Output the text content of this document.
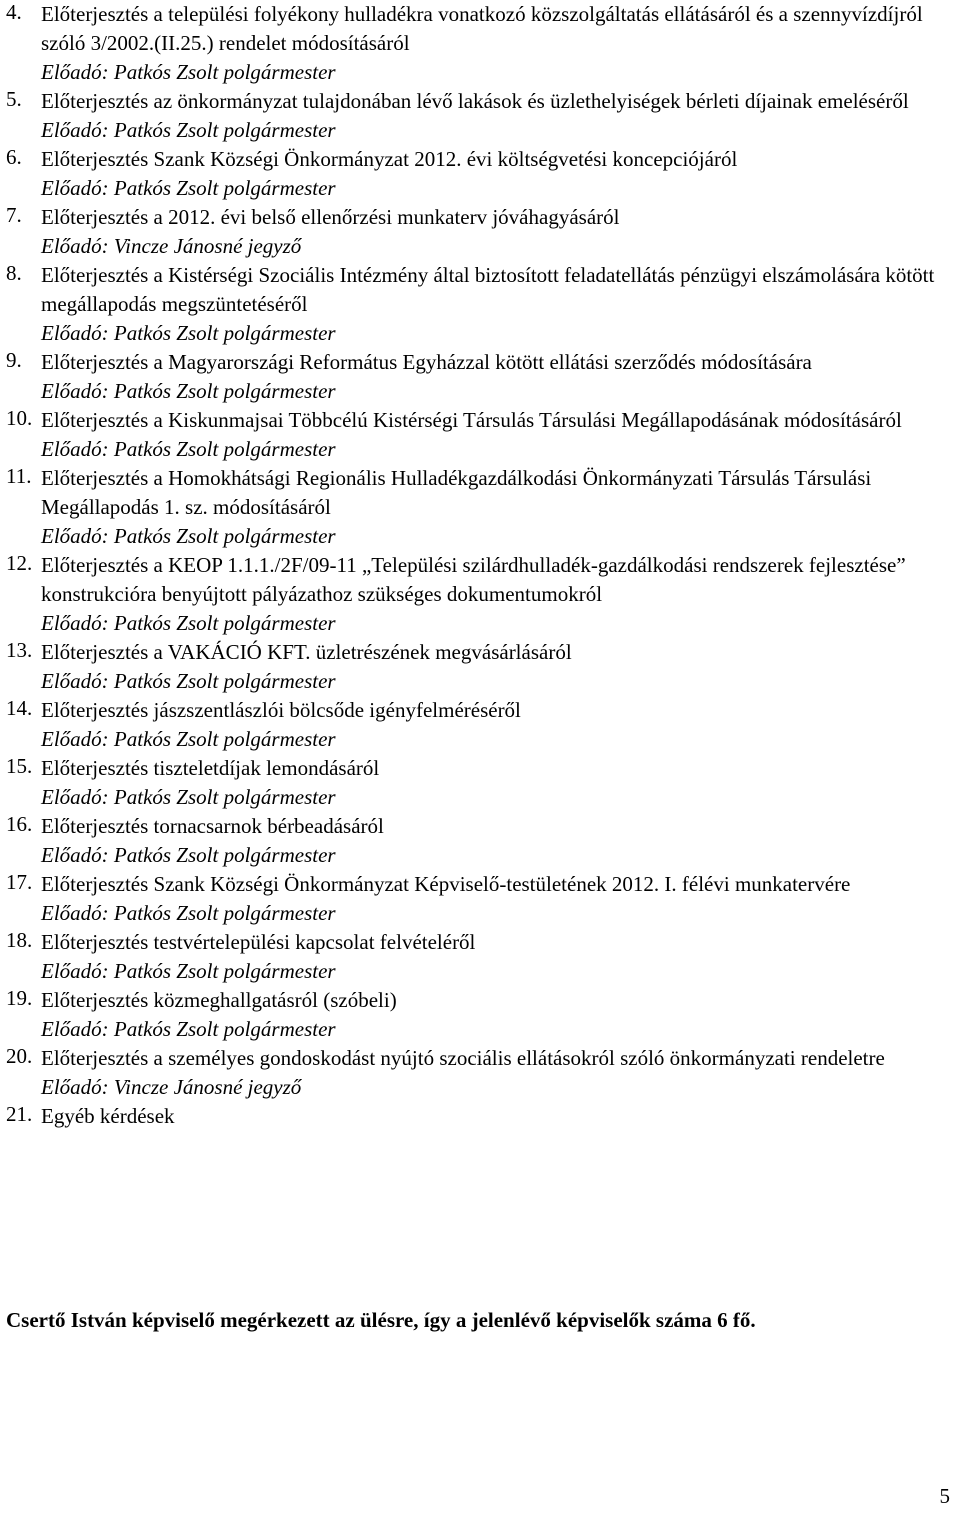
4. Előterjesztés a települési folyékony hulladékra vonatkozó közszolgáltatás ellátásáról és a szennyvízdíjról szóló 3/2002.(II.25.) rendelet módosításáról
Előadó: Patkós Zsolt polgármester
5. Előterjesztés az önkormányzat tulajdonában lévő lakások és üzlethelyiségek bérleti díjainak emeléséről
Előadó: Patkós Zsolt polgármester
6. Előterjesztés Szank Községi Önkormányzat 2012. évi költségvetési koncepciójáról
Előadó: Patkós Zsolt polgármester
7. Előterjesztés a 2012. évi belső ellenőrzési munkaterv jóváhagyásáról
Előadó: Vincze Jánosné jegyző
8. Előterjesztés a Kistérségi Szociális Intézmény által biztosított feladatellátás pénzügyi elszámolására kötött megállapodás megszüntetéséről
Előadó: Patkós Zsolt polgármester
9. Előterjesztés a Magyarországi Református Egyházzal kötött ellátási szerződés módosítására
Előadó: Patkós Zsolt polgármester
10. Előterjesztés a Kiskunmajsai Többcélú Kistérségi Társulás Társulási Megállapodásának módosításáról
Előadó: Patkós Zsolt polgármester
11. Előterjesztés a Homokhátsági Regionális Hulladékgazdálkodási Önkormányzati Társulás Társulási Megállapodás 1. sz. módosításáról
Előadó: Patkós Zsolt polgármester
12. Előterjesztés a KEOP 1.1.1./2F/09-11 „Települési szilárdhulladék-gazdálkodási rendszerek fejlesztése” konstrukcióra benyújtott pályázathoz szükséges dokumentumokról
Előadó: Patkós Zsolt polgármester
13. Előterjesztés a VAKÁCIÓ KFT. üzletrészének megvásárlásáról
Előadó: Patkós Zsolt polgármester
14. Előterjesztés jászszentlászlói bölcsőde igényfelméréséről
Előadó: Patkós Zsolt polgármester
15. Előterjesztés tiszteletdíjak lemondásáról
Előadó: Patkós Zsolt polgármester
16. Előterjesztés tornacsarnok bérbeadásáról
Előadó: Patkós Zsolt polgármester
17. Előterjesztés Szank Községi Önkormányzat Képviselő-testületének 2012. I. félévi munkatervére
Előadó: Patkós Zsolt polgármester
18. Előterjesztés testvértelepülési kapcsolat felvételéről
Előadó: Patkós Zsolt polgármester
19. Előterjesztés közmeghallgatásról (szóbeli)
Előadó: Patkós Zsolt polgármester
20. Előterjesztés a személyes gondoskodást nyújtó szociális ellátásokról szóló önkormányzati rendeletre
Előadó: Vincze Jánosné jegyző
21. Egyéb kérdések

Csertő István képviselő megérkezett az ülésre, így a jelenlévő képviselők száma 6 fő.

5
